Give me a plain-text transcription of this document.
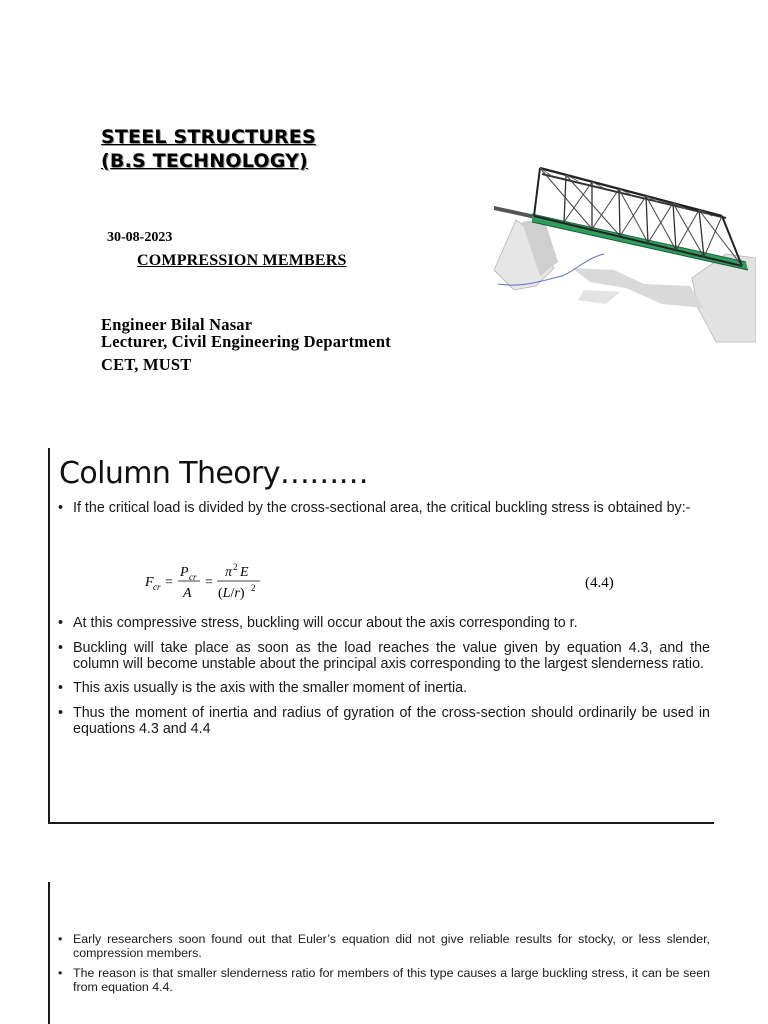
STEEL STRUCTURES
(B.S TECHNOLOGY)
30-08-2023
COMPRESSION MEMBERS
Engineer Bilal Nasar
Lecturer, Civil Engineering Department
CET, MUST
Column Theory………
• If the critical load is divided by the cross-sectional area, the critical buckling stress is obtained by:-
F cr =
P cr
A
=
π 2 E
(L/r) 2	(4.4)
• At this compressive stress, buckling will occur about the axis corresponding to r.
• Buckling will take place as soon as the load reaches the value given by equation 4.3, and the column will become unstable about the principal axis corresponding to the largest slenderness ratio.
• This axis usually is the axis with the smaller moment of inertia.
• Thus the moment of inertia and radius of gyration of the cross-section should ordinarily be used in equations 4.3 and 4.4
• Early researchers soon found out that Euler’s equation did not give reliable results for stocky, or less slender, compression members.
• The reason is that smaller slenderness ratio for members of this type causes a large buckling stress, it can be seen from equation 4.4.
